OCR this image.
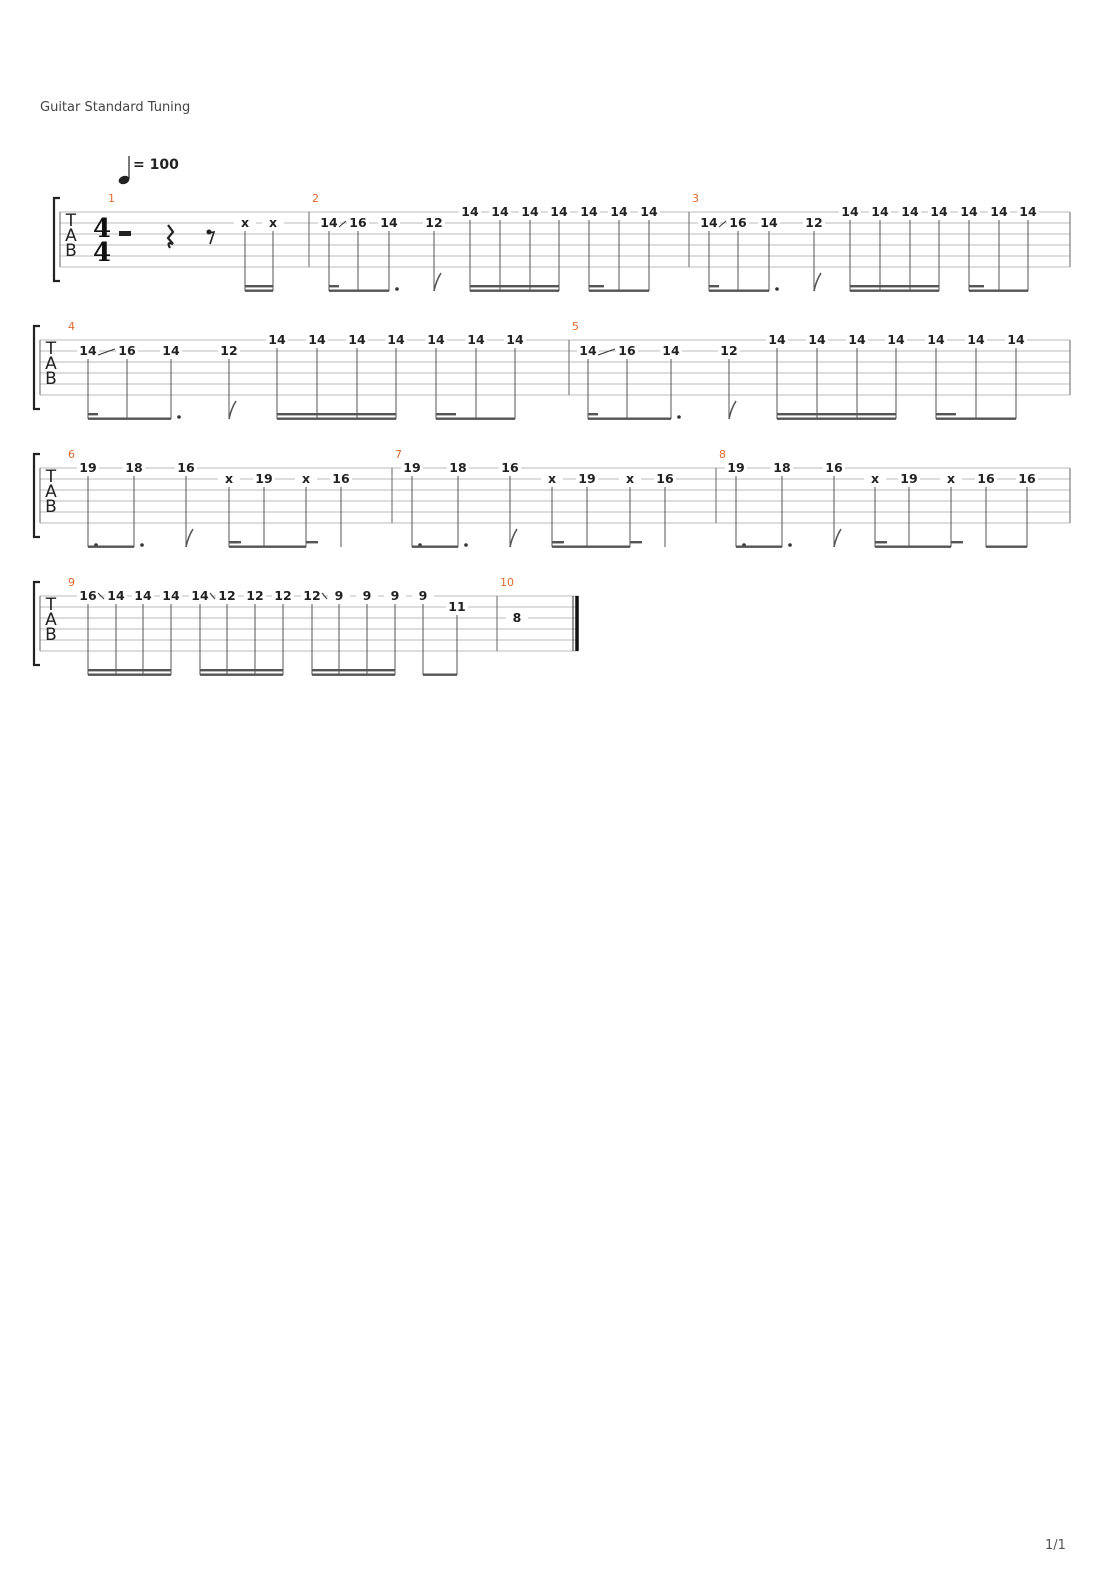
Guitar Standard Tuning
= 100
T
A
B
4
4
1
x x
2
14 16 14 12
14 14 14 14 14 14 14
3
14 16 14 12
14 14 14 14 14 14 14
T
A
B
4
14 16 14	12
14 14 14 14 14 14 14
5
14 16 14	12
14 14 14 14 14 14 14
T
A
B
6
19 18	16
x 19 x 16
7
19 18	16
x 19 x 16
8
19 18	16
x 19 x 16 16
T
A
B
9
16 14 14 14 14 12 12 12 12 9 9 9 9
11
10
8
1/1
